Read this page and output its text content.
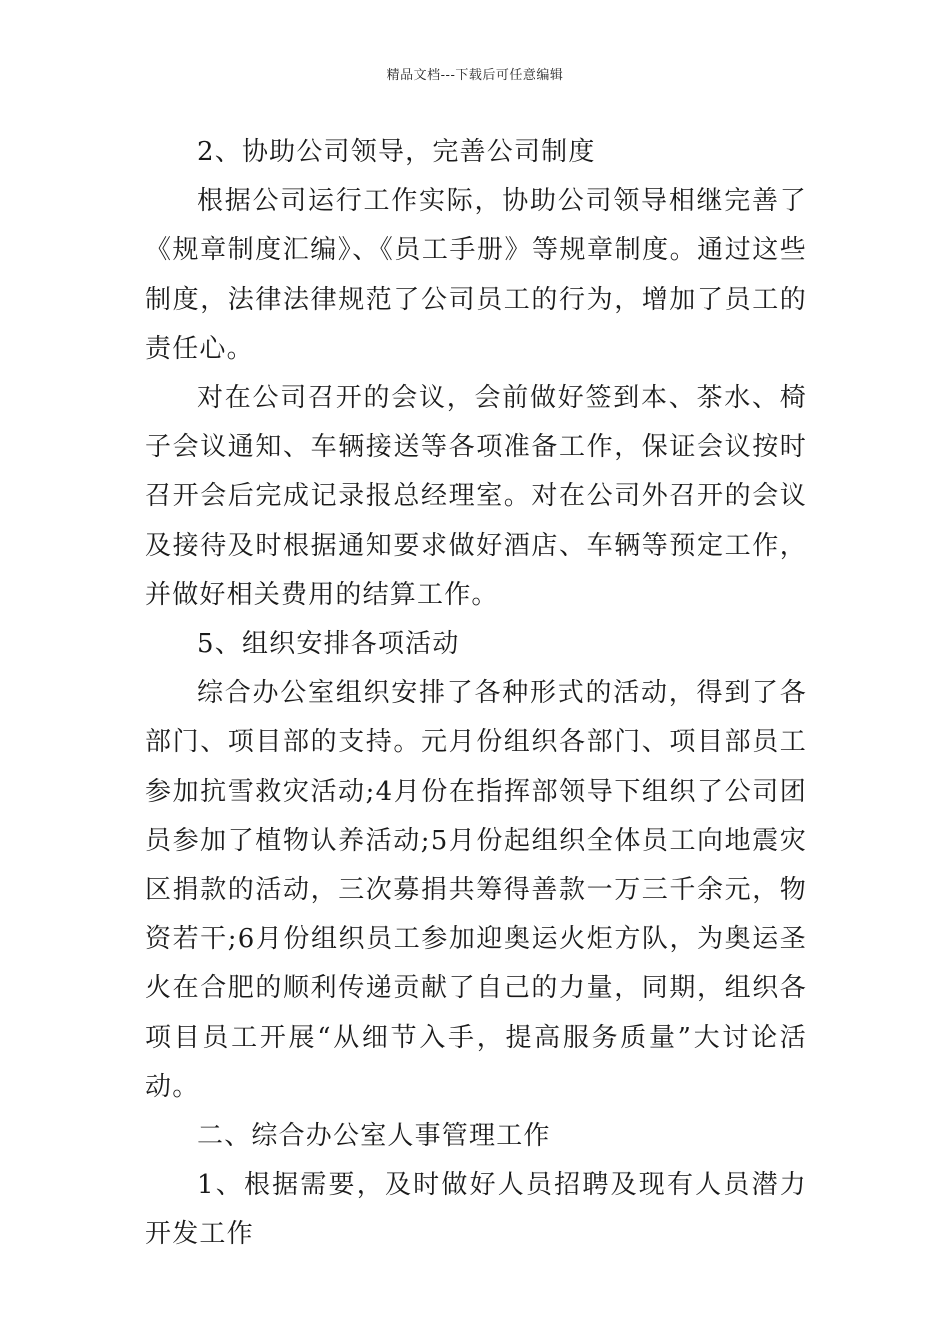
精品文档---下载后可任意编辑

2、协助公司领导，完善公司制度

根据公司运行工作实际，协助公司领导相继完善了《规章制度汇编》、《员工手册》等规章制度。通过这些制度，法律法律规范了公司员工的行为，增加了员工的责任心。

对在公司召开的会议，会前做好签到本、茶水、椅子会议通知、车辆接送等各项准备工作，保证会议按时召开会后完成记录报总经理室。对在公司外召开的会议及接待及时根据通知要求做好酒店、车辆等预定工作，并做好相关费用的结算工作。

5、组织安排各项活动

综合办公室组织安排了各种形式的活动，得到了各部门、项目部的支持。元月份组织各部门、项目部员工参加抗雪救灾活动;4月份在指挥部领导下组织了公司团员参加了植物认养活动;5月份起组织全体员工向地震灾区捐款的活动，三次募捐共筹得善款一万三千余元，物资若干;6月份组织员工参加迎奥运火炬方队，为奥运圣火在合肥的顺利传递贡献了自己的力量，同期，组织各项目员工开展“从细节入手，提高服务质量”大讨论活动。

二、综合办公室人事管理工作

1、根据需要，及时做好人员招聘及现有人员潜力开发工作
